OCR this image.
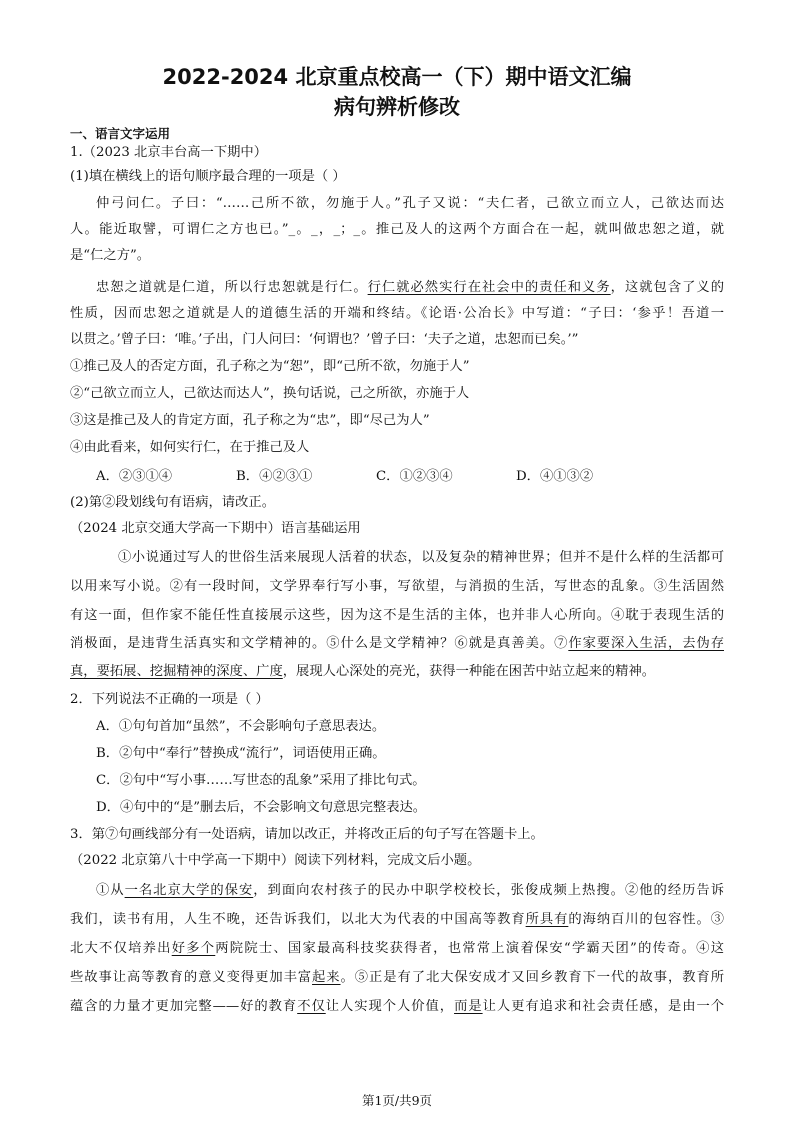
2022-2024 北京重点校高一（下）期中语文汇编
病句辨析修改
一、语言文字运用
1.（2023 北京丰台高一下期中）
(1)填在横线上的语句顺序最合理的一项是（ ）
仲弓问仁。子曰：“……己所不欲，勿施于人。”孔子又说：“夫仁者，己欲立而立人，己欲达而达
人。能近取譬，可谓仁之方也已。”_。_，_；_。推己及人的这两个方面合在一起，就叫做忠恕之道，就
是“仁之方”。
忠恕之道就是仁道，所以行忠恕就是行仁。行仁就必然实行在社会中的责任和义务，这就包含了义的
性质，因而忠恕之道就是人的道德生活的开端和终结。《论语·公冶长》中写道：“子曰：‘参乎！吾道一
以贯之。’曾子曰：‘唯。’子出，门人问曰：‘何谓也？’曾子曰：‘夫子之道，忠恕而已矣。’”
①推己及人的否定方面，孔子称之为“恕”，即“己所不欲，勿施于人”
②“己欲立而立人，己欲达而达人”，换句话说，己之所欲，亦施于人
③这是推己及人的肯定方面，孔子称之为“忠”，即“尽己为人”
④由此看来，如何实行仁，在于推己及人
A．②③①④	B．④②③①	C．①②③④	D．④①③②
(2)第②段划线句有语病，请改正。
（2024 北京交通大学高一下期中）语言基础运用
①小说通过写人的世俗生活来展现人活着的状态，以及复杂的精神世界；但并不是什么样的生活都可
以用来写小说。②有一段时间，文学界奉行写小事，写欲望，与消损的生活，写世态的乱象。③生活固然
有这一面，但作家不能任性直接展示这些，因为这不是生活的主体，也并非人心所向。④耽于表现生活的
消极面，是违背生活真实和文学精神的。⑤什么是文学精神？⑥就是真善美。⑦作家要深入生活，去伪存
真，要拓展、挖掘精神的深度、广度，展现人心深处的亮光，获得一种能在困苦中站立起来的精神。
2．下列说法不正确的一项是（ ）
A．①句句首加“虽然”，不会影响句子意思表达。
B．②句中“奉行”替换成“流行”，词语使用正确。
C．②句中“写小事……写世态的乱象”采用了排比句式。
D．④句中的“是”删去后，不会影响文句意思完整表达。
3．第⑦句画线部分有一处语病，请加以改正，并将改正后的句子写在答题卡上。
（2022 北京第八十中学高一下期中）阅读下列材料，完成文后小题。
①从一名北京大学的保安，到面向农村孩子的民办中职学校校长，张俊成频上热搜。②他的经历告诉
我们，读书有用，人生不晚，还告诉我们，以北大为代表的中国高等教育所具有的海纳百川的包容性。③
北大不仅培养出好多个两院院士、国家最高科技奖获得者，也常常上演着保安“学霸天团”的传奇。④这
些故事让高等教育的意义变得更加丰富起来。⑤正是有了北大保安成才又回乡教育下一代的故事，教育所
蕴含的力量才更加完整——好的教育不仅让人实现个人价值，而是让人更有追求和社会责任感，是由一个
第1页/共9页
